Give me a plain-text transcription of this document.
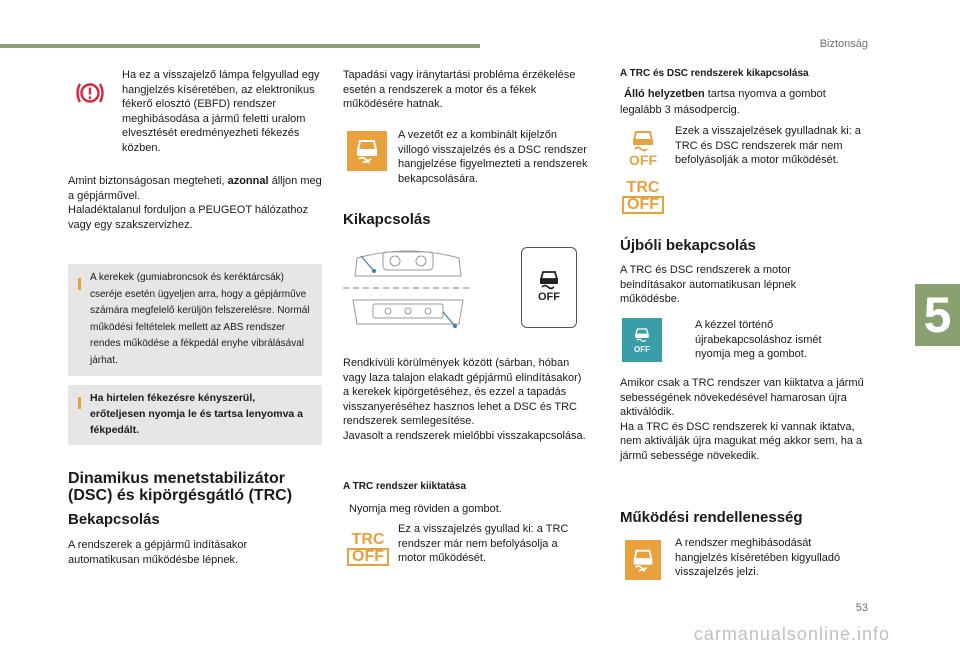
Biztonság
5
Ha ez a visszajelző lámpa felgyullad egy hangjelzés kíséretében, az elektronikus fékerő elosztó (EBFD) rendszer meghibásodása a jármű feletti uralom elvesztését eredményezheti fékezés közben.

Amint biztonságosan megteheti, azonnal álljon meg a gépjárművel.

Haladéktalanul forduljon a PEUGEOT hálózathoz vagy egy szakszervizhez.

A kerekek (gumiabroncsok és keréktárcsák) cseréje esetén ügyeljen arra, hogy a gépjárműve számára megfelelő kerüljön felszerelésre. Normál működési feltételek mellett az ABS rendszer rendes működése a fékpedál enyhe vibrálásával járhat.
Ha hirtelen fékezésre kényszerül, erőteljesen nyomja le és tartsa lenyomva a fékpedált.
Dinamikus menetstabilizátor
(DSC) és kipörgésgátló (TRC)
Bekapcsolás
A rendszerek a gépjármű indításakor automatikusan működésbe lépnek.
Tapadási vagy iránytartási probléma érzékelése esetén a rendszerek a motor és a fékek működésére hatnak.
A vezetőt ez a kombinált kijelzőn villogó visszajelzés és a DSC rendszer hangjelzése figyelmezteti a rendszerek bekapcsolására.
Kikapcsolás
OFF

Rendkívüli körülmények között (sárban, hóban vagy laza talajon elakadt gépjármű elindításakor) a kerekek kipörgetéséhez, és ezzel a tapadás visszanyeréséhez hasznos lehet a DSC és TRC rendszerek semlegesítése.

Javasolt a rendszerek mielőbbi visszakapcsolása.

A TRC rendszer kiiktatása
Nyomja meg röviden a gombot.
TRC
OFF
Ez a visszajelzés gyullad ki: a TRC rendszer már nem befolyásolja a motor működését.
A TRC és DSC rendszerek kikapcsolása
Álló helyzetben tartsa nyomva a gombot legalább 3 másodpercig.
OFF
Ezek a visszajelzések gyulladnak ki: a TRC és DSC rendszerek már nem befolyásolják a motor működését.
TRC
OFF
Újbóli bekapcsolás
A TRC és DSC rendszerek a motor beindításakor automatikusan lépnek működésbe.
OFF
A kézzel történő újrabekapcsoláshoz ismét nyomja meg a gombot.

Amikor csak a TRC rendszer van kiiktatva a jármű sebességének növekedésével hamarosan újra aktiválódik.

Ha a TRC és DSC rendszerek ki vannak iktatva, nem aktiválják újra magukat még akkor sem, ha a jármű sebessége növekedik.

Működési rendellenesség
A rendszer meghibásodását hangjelzés kíséretében kigyulladó visszajelzés jelzi.
53
carmanualsonline.info
